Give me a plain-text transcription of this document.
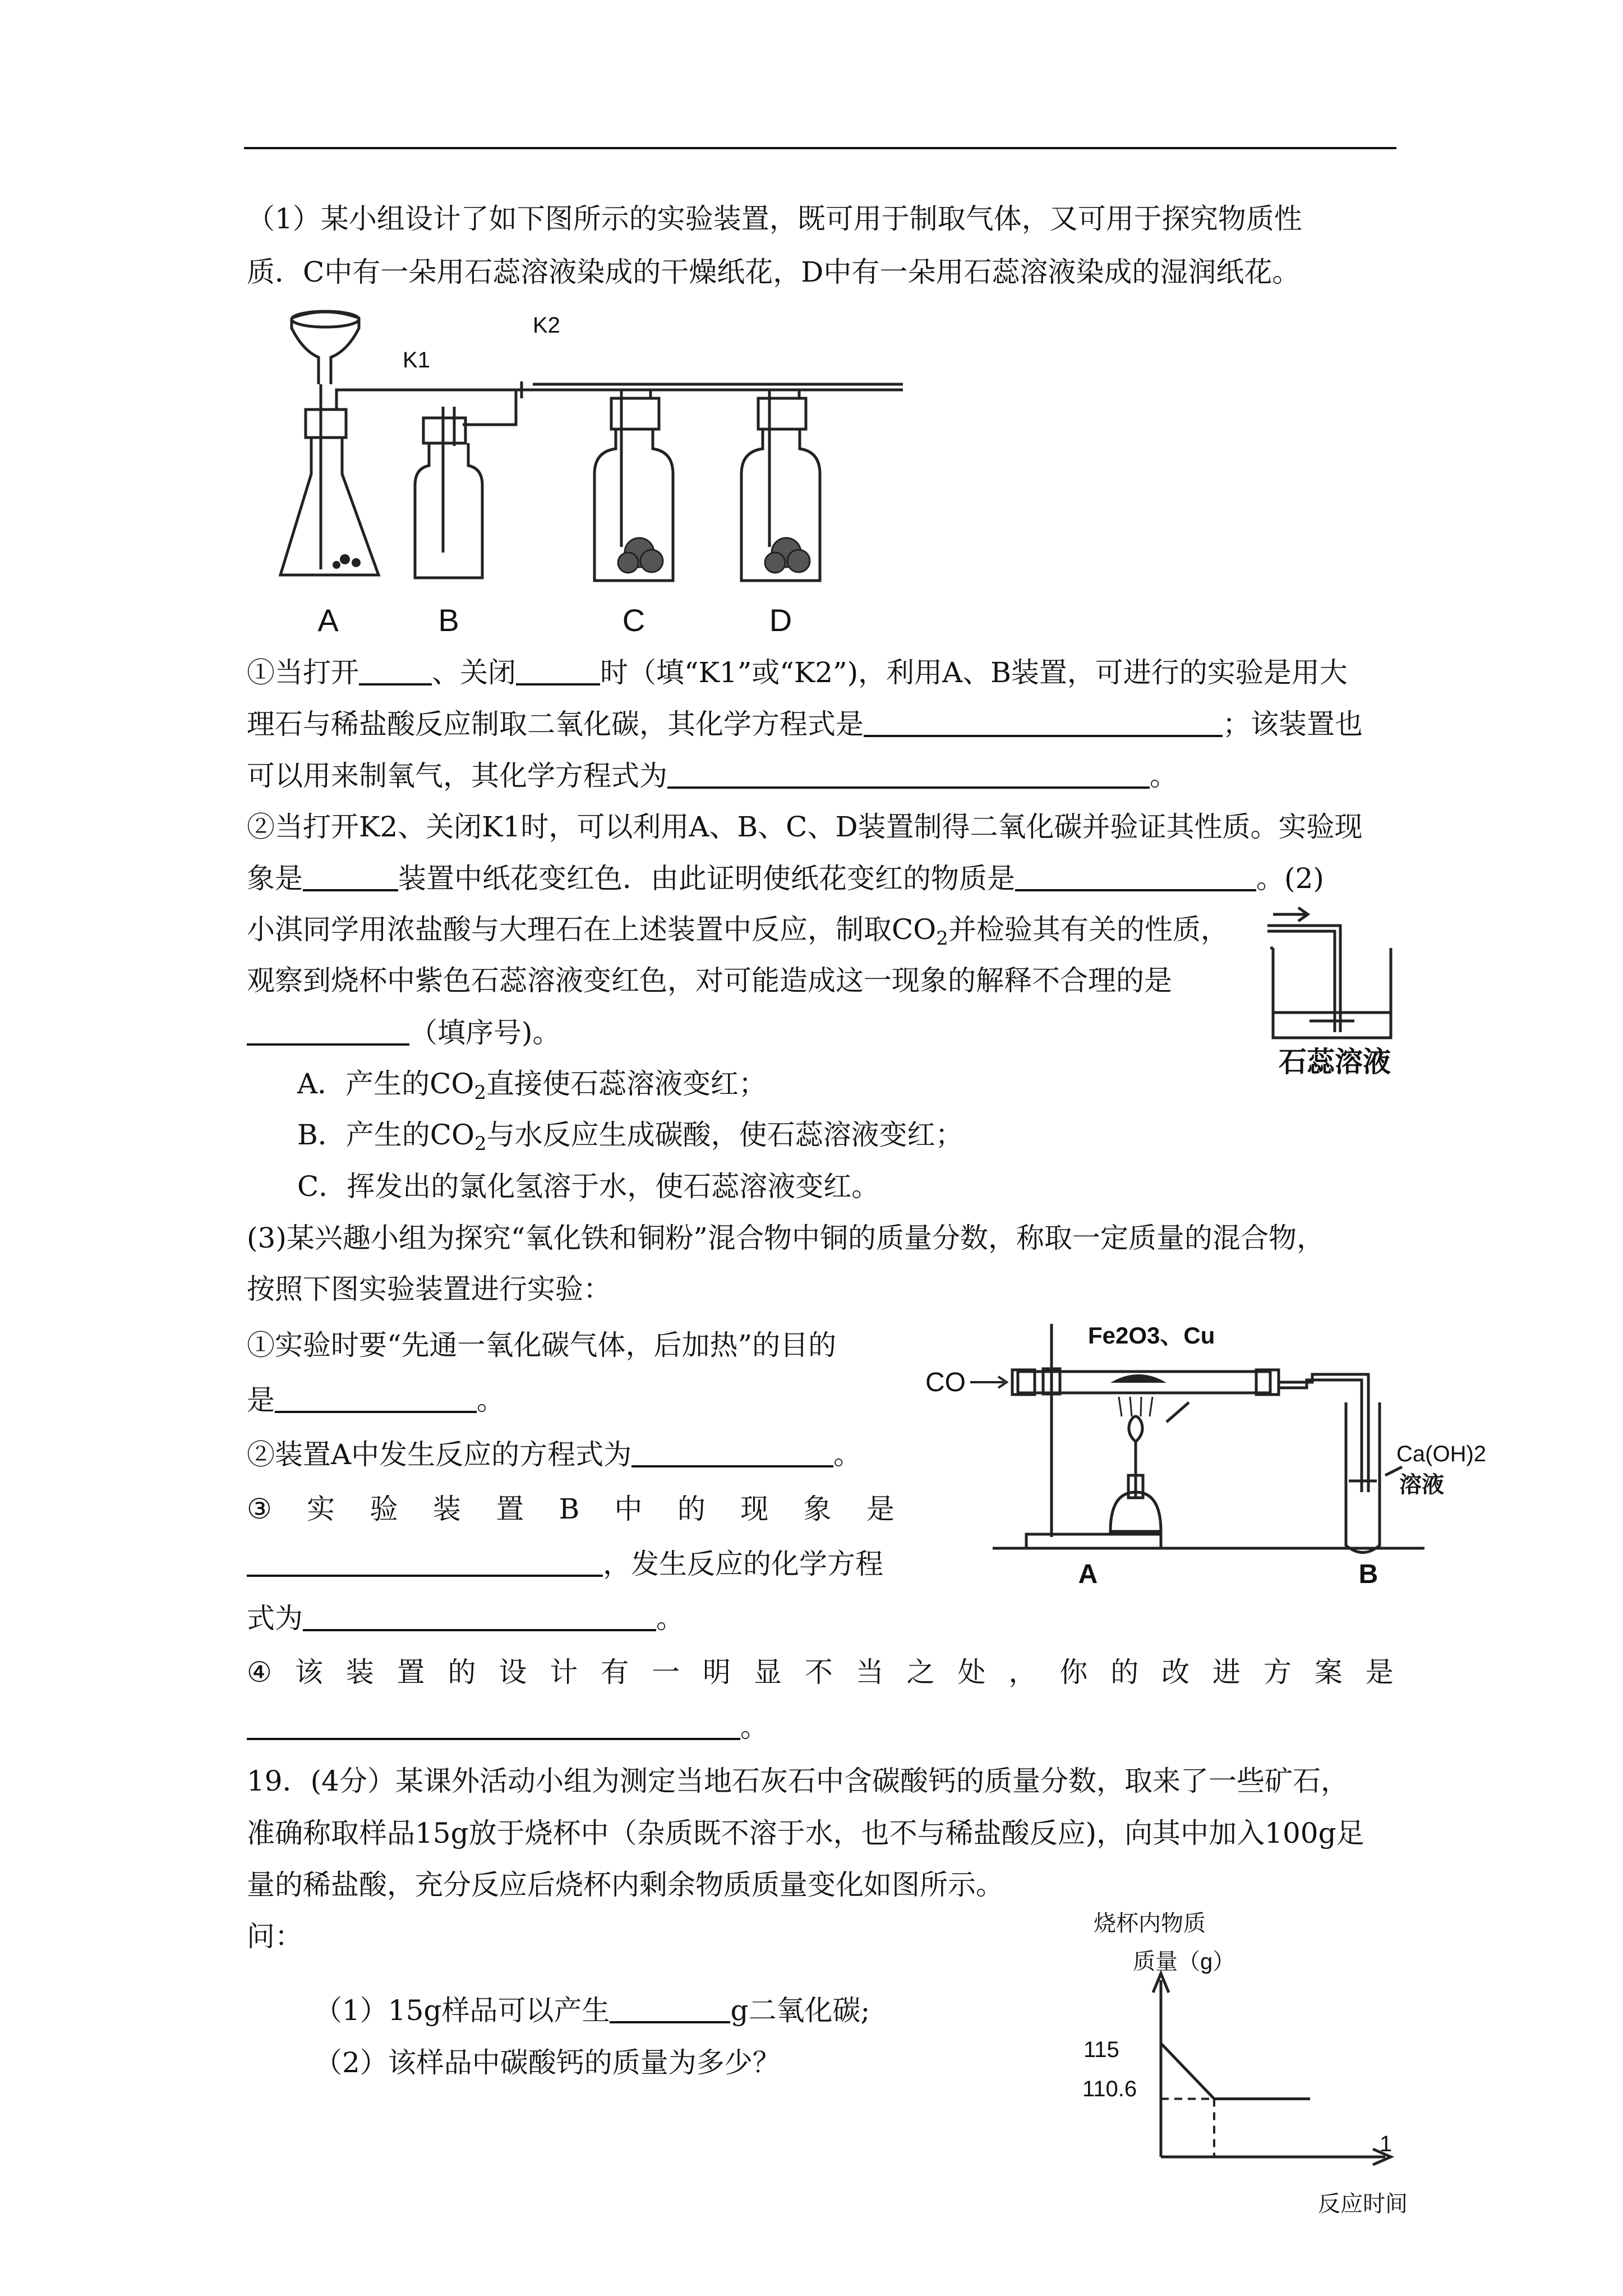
（1）某小组设计了如下图所示的实验装置，既可用于制取气体，又可用于探究物质性
质．C中有一朵用石蕊溶液染成的干燥纸花，D中有一朵用石蕊溶液染成的湿润纸花。
A	B	C	D
K1
K2
①当打开	、关闭	时（填“K1”或“K2”)，利用A、B装置，可进行的实验是用大
理石与稀盐酸反应制取二氧化碳，其化学方程式是	；该装置也
可以用来制氧气，其化学方程式为	。
②当打开K2、关闭K1时，可以利用A、B、C、D装置制得二氧化碳并验证其性质。实验现
象是	装置中纸花变红色．由此证明使纸花变红的物质是	。(2)
小淇同学用浓盐酸与大理石在上述装置中反应，制取$CO_2$并检验其有关的性质，
观察到烧杯中紫色石蕊溶液变红色，对可能造成这一现象的解释不合理的是
（填序号)。
A．产生的$CO_2$直接使石蕊溶液变红；
B．产生的$CO_2$与水反应生成碳酸，使石蕊溶液变红；
C．挥发出的氯化氢溶于水，使石蕊溶液变红。
石蕊溶液
(3)某兴趣小组为探究“氧化铁和铜粉”混合物中铜的质量分数，称取一定质量的混合物，
按照下图实验装置进行实验：
①实验时要“先通一氧化碳气体，后加热”的目的
是	。
②装置A中发生反应的方程式为	。
③ 实 验 装 置 B 中 的 现 象 是
，发生反应的化学方程
式为	。
④ 该 装 置 的 设 计 有 一 明 显 不 当 之 处 ， 你 的 改 进 方 案 是
。
CO
Fe2O3、Cu
Ca(OH)2
溶液
A	B
19．(4分）某课外活动小组为测定当地石灰石中含碳酸钙的质量分数，取来了一些矿石，
准确称取样品15g放于烧杯中（杂质既不溶于水，也不与稀盐酸反应)，向其中加入100g足
量的稀盐酸，充分反应后烧杯内剩余物质质量变化如图所示。
问：
（1）15g样品可以产生	g二氧化碳;
（2）该样品中碳酸钙的质量为多少？
烧杯内物质
质量（g）
反应时间
1
115
110.6
